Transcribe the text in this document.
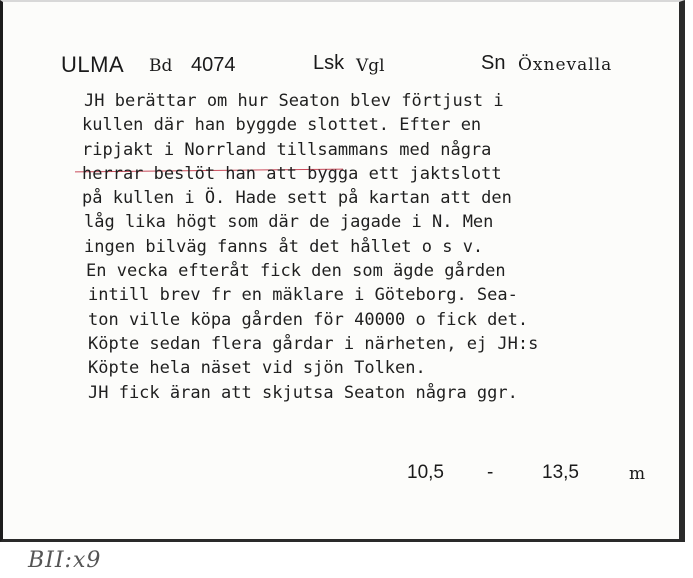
ULMA Bd 4074	Lsk Vgl	Sn Öxnevalla
JH berättar om hur Seaton blev förtjust i
kullen där han byggde slottet. Efter en
ripjakt i Norrland tillsammans med några
herrar beslöt han att bygga ett jaktslott
på kullen i Ö. Hade sett på kartan att den
låg lika högt som där de jagade i N. Men
ingen bilväg fanns åt det hållet o s v.
En vecka efteråt fick den som ägde gården
intill brev fr en mäklare i Göteborg. Sea-
ton ville köpa gården för 40000 o fick det.
Köpte sedan flera gårdar i närheten, ej JH:s
Köpte hela näset vid sjön Tolken.
JH fick äran att skjutsa Seaton några ggr.
10,5 -	13,5	m
BII:x9
